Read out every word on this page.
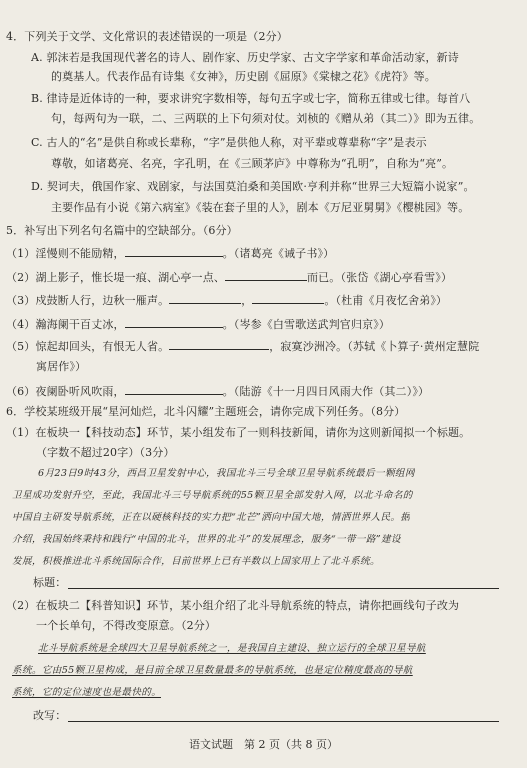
4．下列关于文学、文化常识的表述错误的一项是（2分）
A. 郭沫若是我国现代著名的诗人、剧作家、历史学家、古文字学家和革命活动家，新诗
的奠基人。代表作品有诗集《女神》，历史剧《屈原》《棠棣之花》《虎符》等。
B. 律诗是近体诗的一种，要求讲究字数相等，每句五字或七字，简称五律或七律。每首八
句，每两句为一联，二、三两联的上下句须对仗。刘桢的《赠从弟（其二）》即为五律。
C. 古人的“名”是供自称或长辈称，“字”是供他人称，对平辈或尊辈称“字”是表示
尊敬，如诸葛亮、名亮，字孔明，在《三顾茅庐》中尊称为“孔明”，自称为“亮”。
D. 契诃夫，俄国作家、戏剧家，与法国莫泊桑和美国欧·亨利并称“世界三大短篇小说家”。
主要作品有小说《第六病室》《装在套子里的人》，剧本《万尼亚舅舅》《樱桃园》等。
5．补写出下列名句名篇中的空缺部分。（6分）
（1）淫慢则不能励精，	。（诸葛亮《诫子书》）
（2）湖上影子，惟长堤一痕、湖心亭一点、	而已。（张岱《湖心亭看雪》）
（3）戍鼓断人行，边秋一雁声。	，	。（杜甫《月夜忆舍弟》）
（4）瀚海阑干百丈冰，	。（岑参《白雪歌送武判官归京》）
（5）惊起却回头，有恨无人省。	，寂寞沙洲冷。（苏轼《卜算子·黄州定慧院
寓居作》）
（6）夜阑卧听风吹雨，	。（陆游《十一月四日风雨大作（其二）》）
6．学校某班级开展“星河灿烂，北斗闪耀”主题班会，请你完成下列任务。（8分）
（1）在板块一【科技动态】环节，某小组发布了一则科技新闻，请你为这则新闻拟一个标题。
（字数不超过20字）（3分）
6月23日9时43分，西昌卫星发射中心，我国北斗三号全球卫星导航系统最后一颗组网
卫星成功发射升空，至此，我国北斗三号导航系统的55颗卫星全部发射入网，以北斗命名的
中国自主研发导航系统，正在以硬核科技的实力把“北芒”洒向中国大地，情洒世界人民。据
介绍，我国始终秉持和践行“中国的北斗，世界的北斗”的发展理念，服务“一带一路”建设
发展，积极推进北斗系统国际合作，目前世界上已有半数以上国家用上了北斗系统。
标题：
（2）在板块二【科普知识】环节，某小组介绍了北斗导航系统的特点，请你把画线句子改为
一个长单句，不得改变原意。（2分）
北斗导航系统是全球四大卫星导航系统之一，是我国自主建设、独立运行的全球卫星导航
系统。它由55颗卫星构成，是目前全球卫星数量最多的导航系统，也是定位精度最高的导航
系统，它的定位速度也是最快的。
改写：
语文试题　第 2 页（共 8 页）
